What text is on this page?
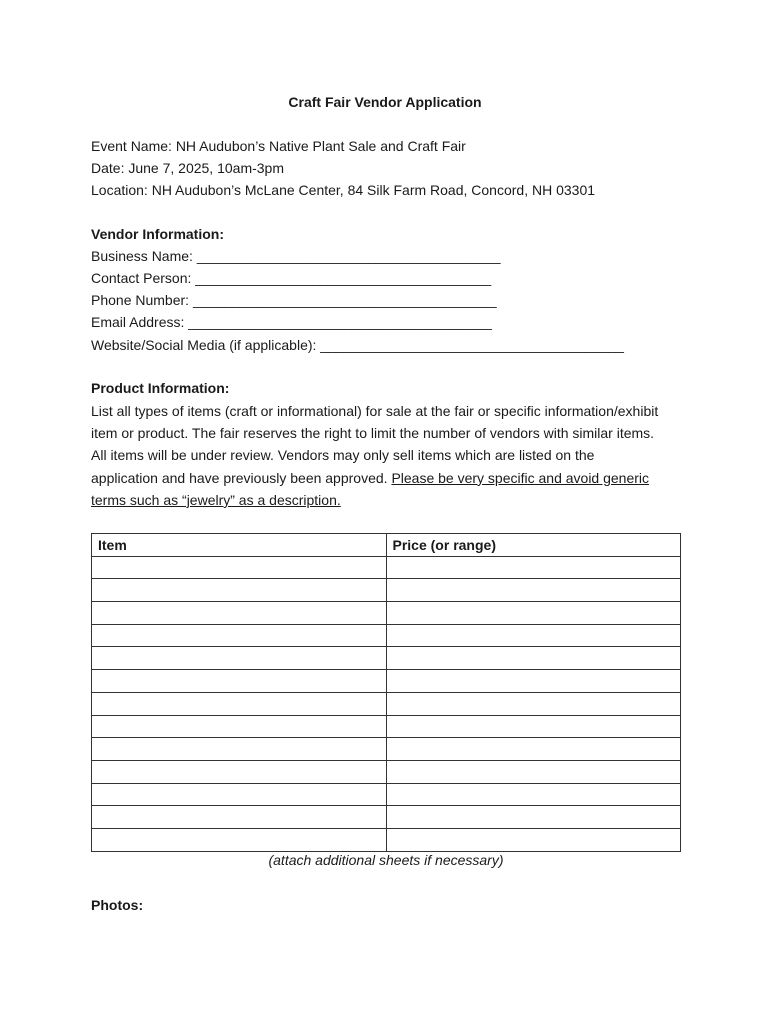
Craft Fair Vendor Application
Event Name: NH Audubon’s Native Plant Sale and Craft Fair
Date: June 7, 2025, 10am-3pm
Location: NH Audubon’s McLane Center, 84 Silk Farm Road, Concord, NH 03301
Vendor Information:
Business Name: _______________________________________
Contact Person: ______________________________________
Phone Number: _______________________________________
Email Address: _______________________________________
Website/Social Media (if applicable): _______________________________________
Product Information:
List all types of items (craft or informational) for sale at the fair or specific information/exhibit item or product. The fair reserves the right to limit the number of vendors with similar items. All items will be under review. Vendors may only sell items which are listed on the application and have previously been approved. Please be very specific and avoid generic terms such as “jewelry” as a description.
Item	Price (or range)

(attach additional sheets if necessary)
Photos:
